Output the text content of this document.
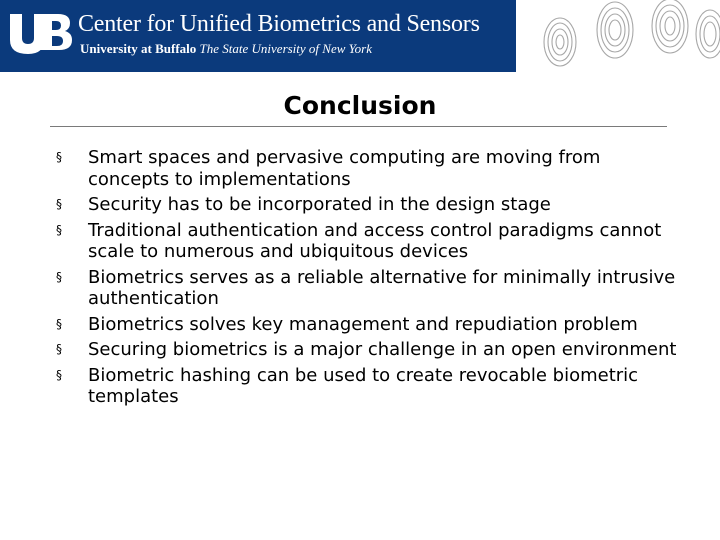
Center for Unified Biometrics and Sensors
University at Buffalo The State University of New York
Conclusion
§	Smart spaces and pervasive computing are moving from concepts to implementations
§	Security has to be incorporated in the design stage
§	Traditional authentication and access control paradigms cannot scale to numerous and ubiquitous devices
§	Biometrics serves as a reliable alternative for minimally intrusive authentication
§	Biometrics solves key management and repudiation problem
§	Securing biometrics is a major challenge in an open environment
§	Biometric hashing can be used to create revocable biometric templates
